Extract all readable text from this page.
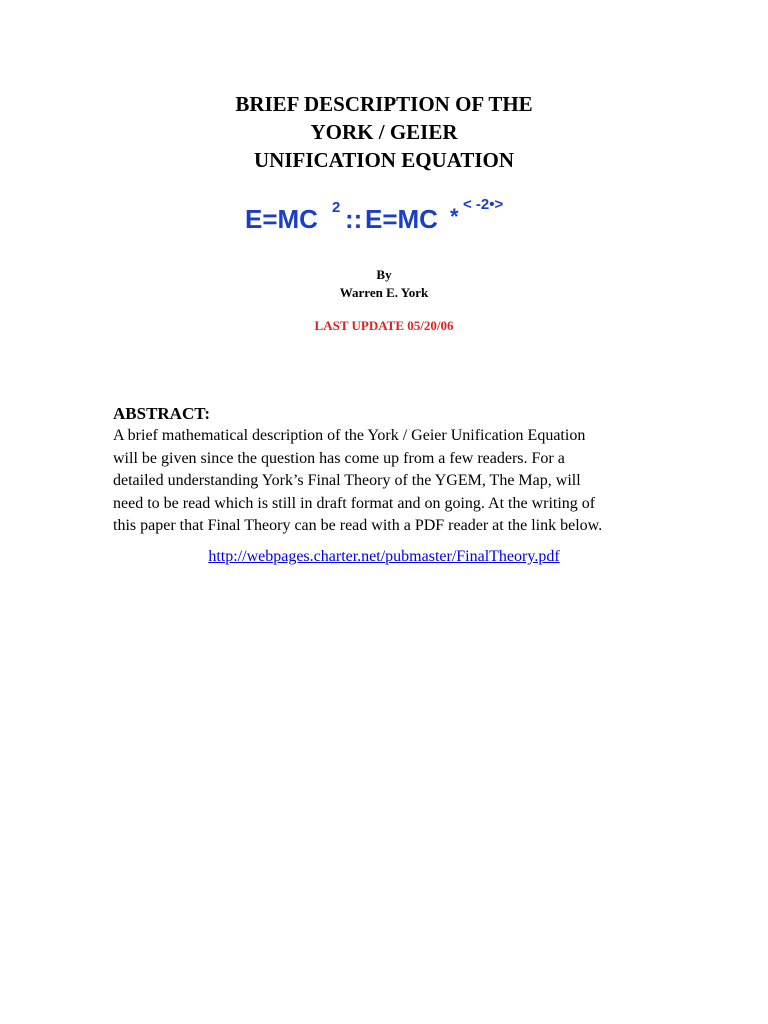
BRIEF DESCRIPTION OF THE
YORK / GEIER
UNIFICATION EQUATION
E=MC 2 :: E=MC * < -2•>
By
Warren E. York
LAST UPDATE 05/20/06
ABSTRACT:
A brief mathematical description of the York / Geier Unification Equation
will be given since the question has come up from a few readers. For a
detailed understanding York’s Final Theory of the YGEM, The Map, will
need to be read which is still in draft format and on going. At the writing of
this paper that Final Theory can be read with a PDF reader at the link below.
http://webpages.charter.net/pubmaster/FinalTheory.pdf
